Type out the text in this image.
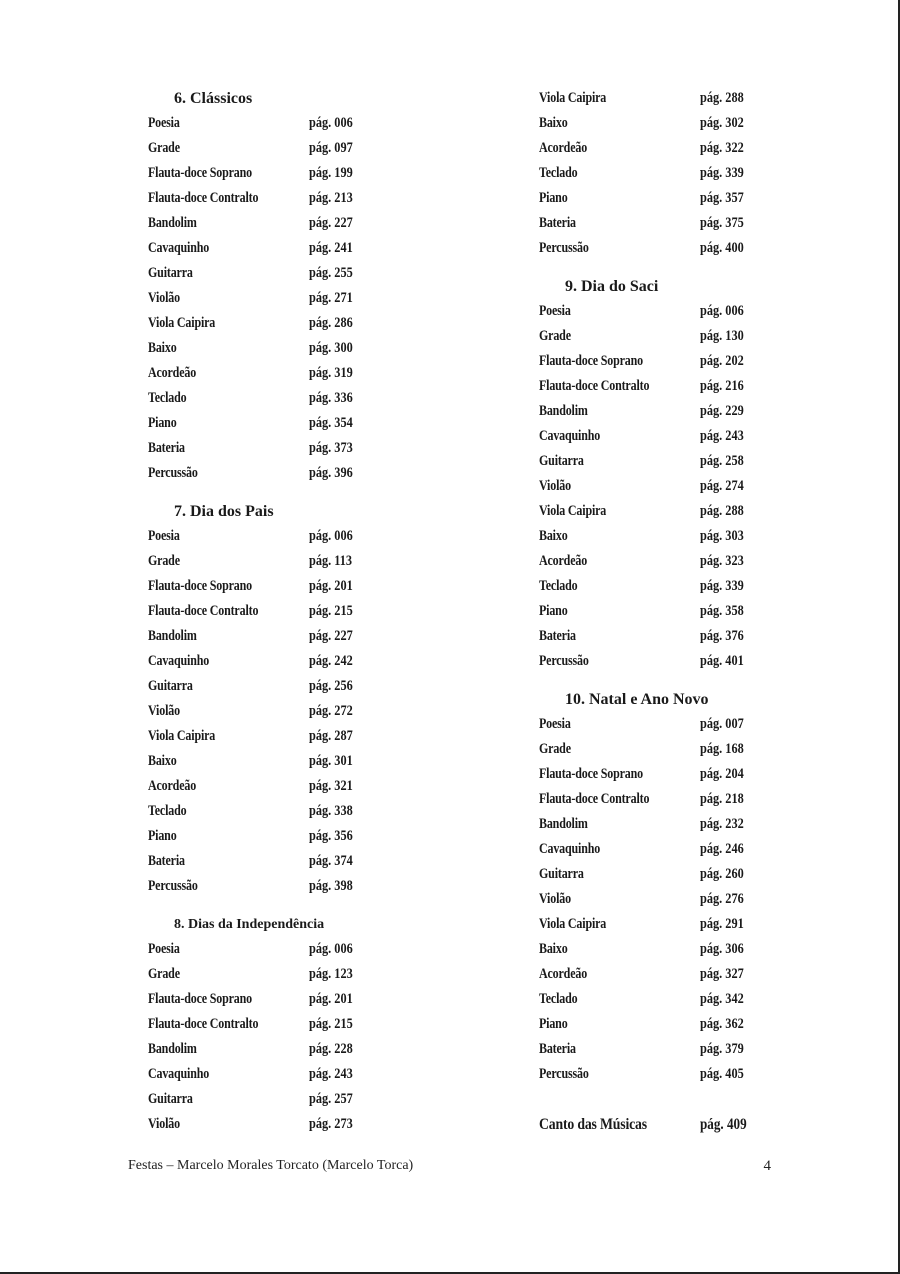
6. Clássicos
Poesia	pág. 006
Grade	pág. 097
Flauta-doce Soprano	pág. 199
Flauta-doce Contralto	pág. 213
Bandolim	pág. 227
Cavaquinho	pág. 241
Guitarra	pág. 255
Violão	pág. 271
Viola Caipira	pág. 286
Baixo	pág. 300
Acordeão	pág. 319
Teclado	pág. 336
Piano	pág. 354
Bateria	pág. 373
Percussão	pág. 396
7. Dia dos Pais
Poesia	pág. 006
Grade	pág. 113
Flauta-doce Soprano	pág. 201
Flauta-doce Contralto	pág. 215
Bandolim	pág. 227
Cavaquinho	pág. 242
Guitarra	pág. 256
Violão	pág. 272
Viola Caipira	pág. 287
Baixo	pág. 301
Acordeão	pág. 321
Teclado	pág. 338
Piano	pág. 356
Bateria	pág. 374
Percussão	pág. 398
8. Dias da Independência
Poesia	pág. 006
Grade	pág. 123
Flauta-doce Soprano	pág. 201
Flauta-doce Contralto	pág. 215
Bandolim	pág. 228
Cavaquinho	pág. 243
Guitarra	pág. 257
Violão	pág. 273
Viola Caipira	pág. 288
Baixo	pág. 302
Acordeão	pág. 322
Teclado	pág. 339
Piano	pág. 357
Bateria	pág. 375
Percussão	pág. 400
9. Dia do Saci
Poesia	pág. 006
Grade	pág. 130
Flauta-doce Soprano	pág. 202
Flauta-doce Contralto	pág. 216
Bandolim	pág. 229
Cavaquinho	pág. 243
Guitarra	pág. 258
Violão	pág. 274
Viola Caipira	pág. 288
Baixo	pág. 303
Acordeão	pág. 323
Teclado	pág. 339
Piano	pág. 358
Bateria	pág. 376
Percussão	pág. 401
10. Natal e Ano Novo
Poesia	pág. 007
Grade	pág. 168
Flauta-doce Soprano	pág. 204
Flauta-doce Contralto	pág. 218
Bandolim	pág. 232
Cavaquinho	pág. 246
Guitarra	pág. 260
Violão	pág. 276
Viola Caipira	pág. 291
Baixo	pág. 306
Acordeão	pág. 327
Teclado	pág. 342
Piano	pág. 362
Bateria	pág. 379
Percussão	pág. 405
Canto das Músicas	pág. 409
Festas – Marcelo Morales Torcato (Marcelo Torca)	4
